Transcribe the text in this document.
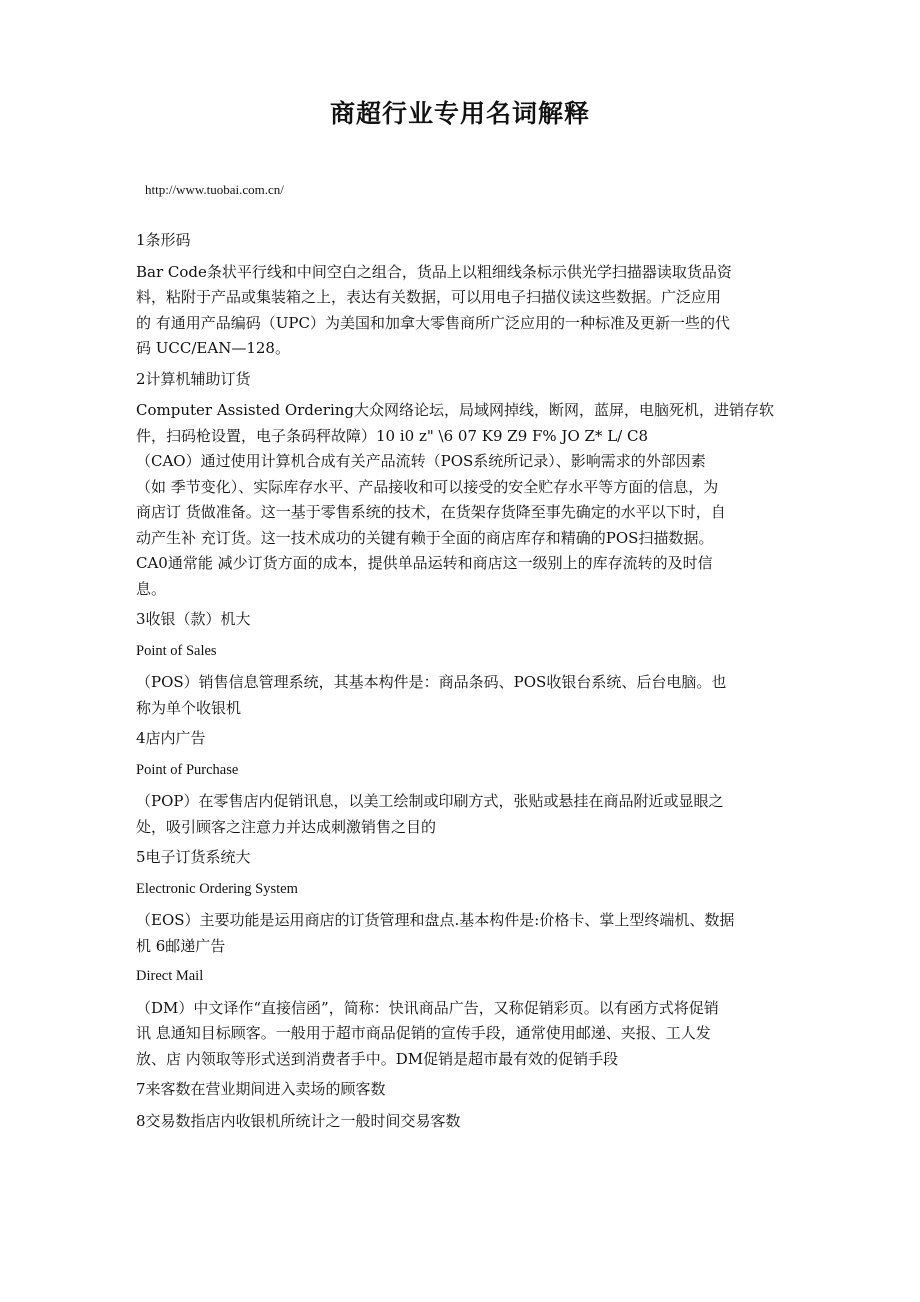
商超行业专用名词解释
http://www.tuobai.com.cn/
1条形码
Bar Code条状平行线和中间空白之组合，货品上以粗细线条标示供光学扫描器读取货品资
料，粘附于产品或集装箱之上，表达有关数据，可以用电子扫描仪读这些数据。广泛应用
的 有通用产品编码（UPC）为美国和加拿大零售商所广泛应用的一种标准及更新一些的代
码 UCC/EAN—128。
2计算机辅助订货
Computer Assisted Ordering大众网络论坛，局域网掉线，断网，蓝屏，电脑死机，进销存软
件，扫码枪设置，电子条码秤故障）10 i0 z" \6 07 K9 Z9 F% JO Z* L/ C8
（CAO）通过使用计算机合成有关产品流转（POS系统所记录）、影响需求的外部因素
（如 季节变化）、实际库存水平、产品接收和可以接受的安全贮存水平等方面的信息，为
商店订 货做准备。这一基于零售系统的技术，在货架存货降至事先确定的水平以下时，自
动产生补 充订货。这一技术成功的关键有赖于全面的商店库存和精确的POS扫描数据。
CA0通常能 减少订货方面的成本，提供单品运转和商店这一级别上的库存流转的及时信
息。
3收银（款）机大
Point of Sales
（POS）销售信息管理系统，其基本构件是：商品条码、POS收银台系统、后台电脑。也
称为单个收银机
4店内广告
Point of Purchase
（POP）在零售店内促销讯息，以美工绘制或印刷方式，张贴或悬挂在商品附近或显眼之
处，吸引顾客之注意力并达成刺激销售之目的
5电子订货系统大
Electronic Ordering System
（EOS）主要功能是运用商店的订货管理和盘点.基本构件是:价格卡、掌上型终端机、数据
机 6邮递广告
Direct Mail
（DM）中文译作“直接信函”，简称：快讯商品广告，又称促销彩页。以有函方式将促销
讯 息通知目标顾客。一般用于超市商品促销的宣传手段，通常使用邮递、夹报、工人发
放、店 内领取等形式送到消费者手中。DM促销是超市最有效的促销手段
7来客数在营业期间进入卖场的顾客数
8交易数指店内收银机所统计之一般时间交易客数
